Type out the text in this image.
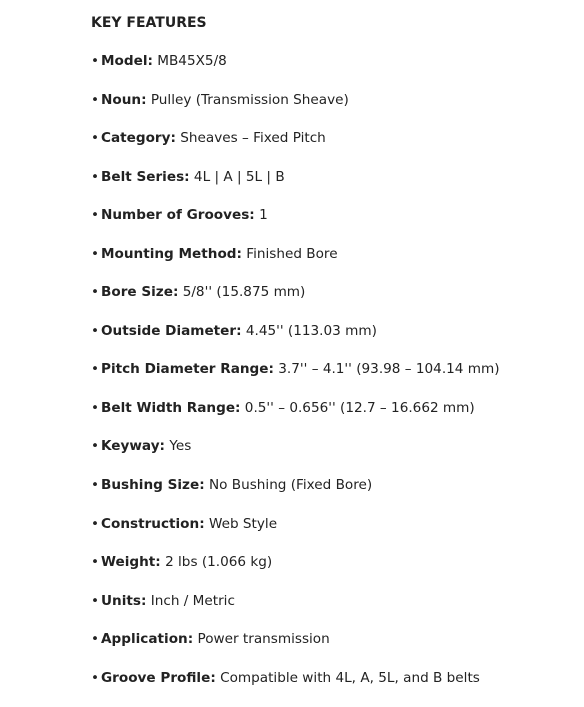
KEY FEATURES
• Model: MB45X5/8
• Noun: Pulley (Transmission Sheave)
• Category: Sheaves – Fixed Pitch
• Belt Series: 4L | A | 5L | B
• Number of Grooves: 1
• Mounting Method: Finished Bore
• Bore Size: 5/8'' (15.875 mm)
• Outside Diameter: 4.45'' (113.03 mm)
• Pitch Diameter Range: 3.7'' – 4.1'' (93.98 – 104.14 mm)
• Belt Width Range: 0.5'' – 0.656'' (12.7 – 16.662 mm)
• Keyway: Yes
• Bushing Size: No Bushing (Fixed Bore)
• Construction: Web Style
• Weight: 2 lbs (1.066 kg)
• Units: Inch / Metric
• Application: Power transmission
• Groove Profile: Compatible with 4L, A, 5L, and B belts
